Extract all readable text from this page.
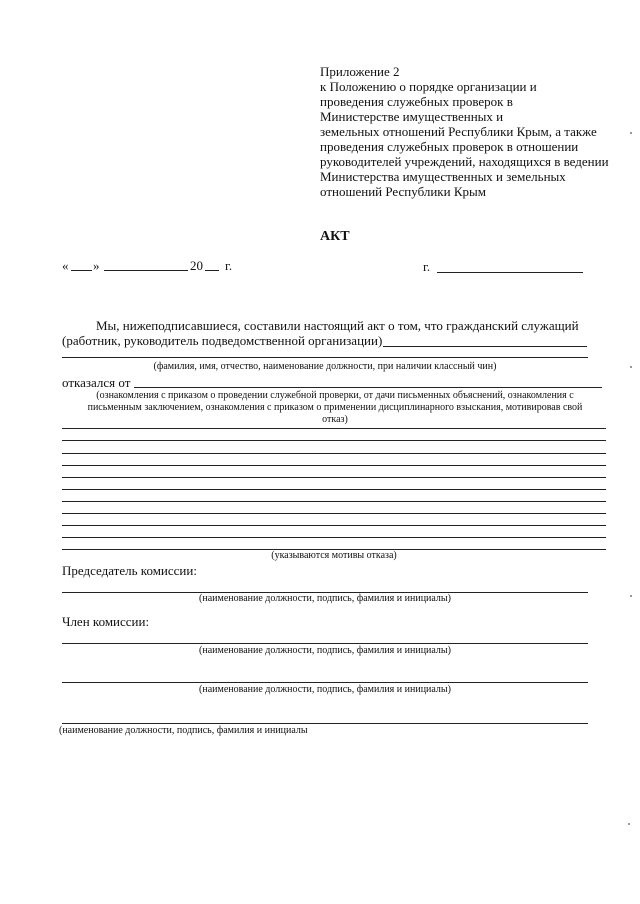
Приложение 2
к Положению о порядке организации и
проведения служебных проверок в
Министерстве имущественных и
земельных отношений Республики Крым, а также
проведения служебных проверок в отношении
руководителей учреждений, находящихся в ведении
Министерства имущественных и земельных
отношений Республики Крым
АКТ
« »	20 г.	г.
Мы, нижеподписавшиеся, составили настоящий акт о том, что гражданский служащий
(работник, руководитель подведомственной организации)
(фамилия, имя, отчество, наименование должности, при наличии классный чин)
отказался от
(ознакомления с приказом о проведении служебной проверки, от дачи письменных объяснений, ознакомления с
письменным заключением, ознакомления с приказом о применении дисциплинарного взыскания, мотивировав свой
отказ)
(указываются мотивы отказа)
Председатель комиссии:
(наименование должности, подпись, фамилия и инициалы)
Член комиссии:
(наименование должности, подпись, фамилия и инициалы)
(наименование должности, подпись, фамилия и инициалы)
(наименование должности, подпись, фамилия и инициалы
